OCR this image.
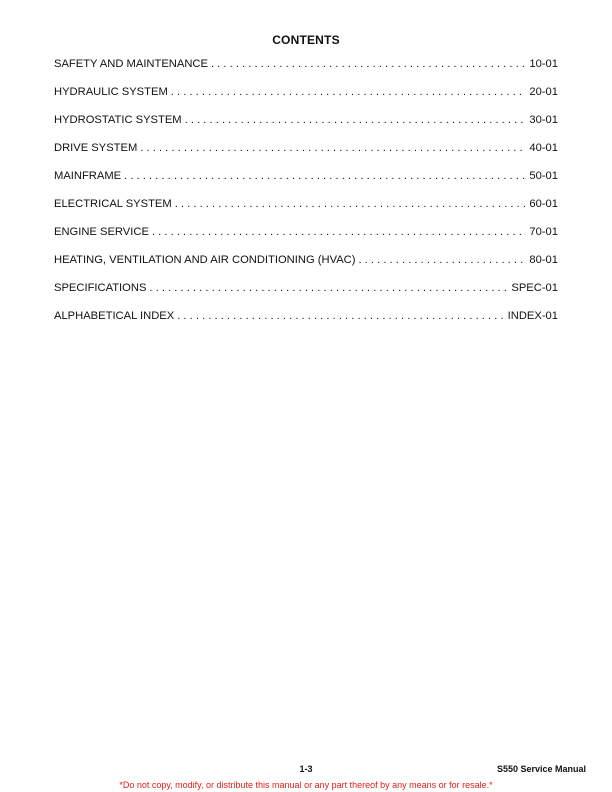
CONTENTS
SAFETY AND MAINTENANCE . . .	10-01
HYDRAULIC SYSTEM . . .	20-01
HYDROSTATIC SYSTEM . . .	30-01
DRIVE SYSTEM . . .	40-01
MAINFRAME . . .	50-01
ELECTRICAL SYSTEM . . .	60-01
ENGINE SERVICE . . .	70-01
HEATING, VENTILATION AND AIR CONDITIONING (HVAC) . . .	80-01
SPECIFICATIONS . . .	SPEC-01
ALPHABETICAL INDEX . . .	INDEX-01
1-3	S550 Service Manual
*Do not copy, modify, or distribute this manual or any part thereof by any means or for resale.*
